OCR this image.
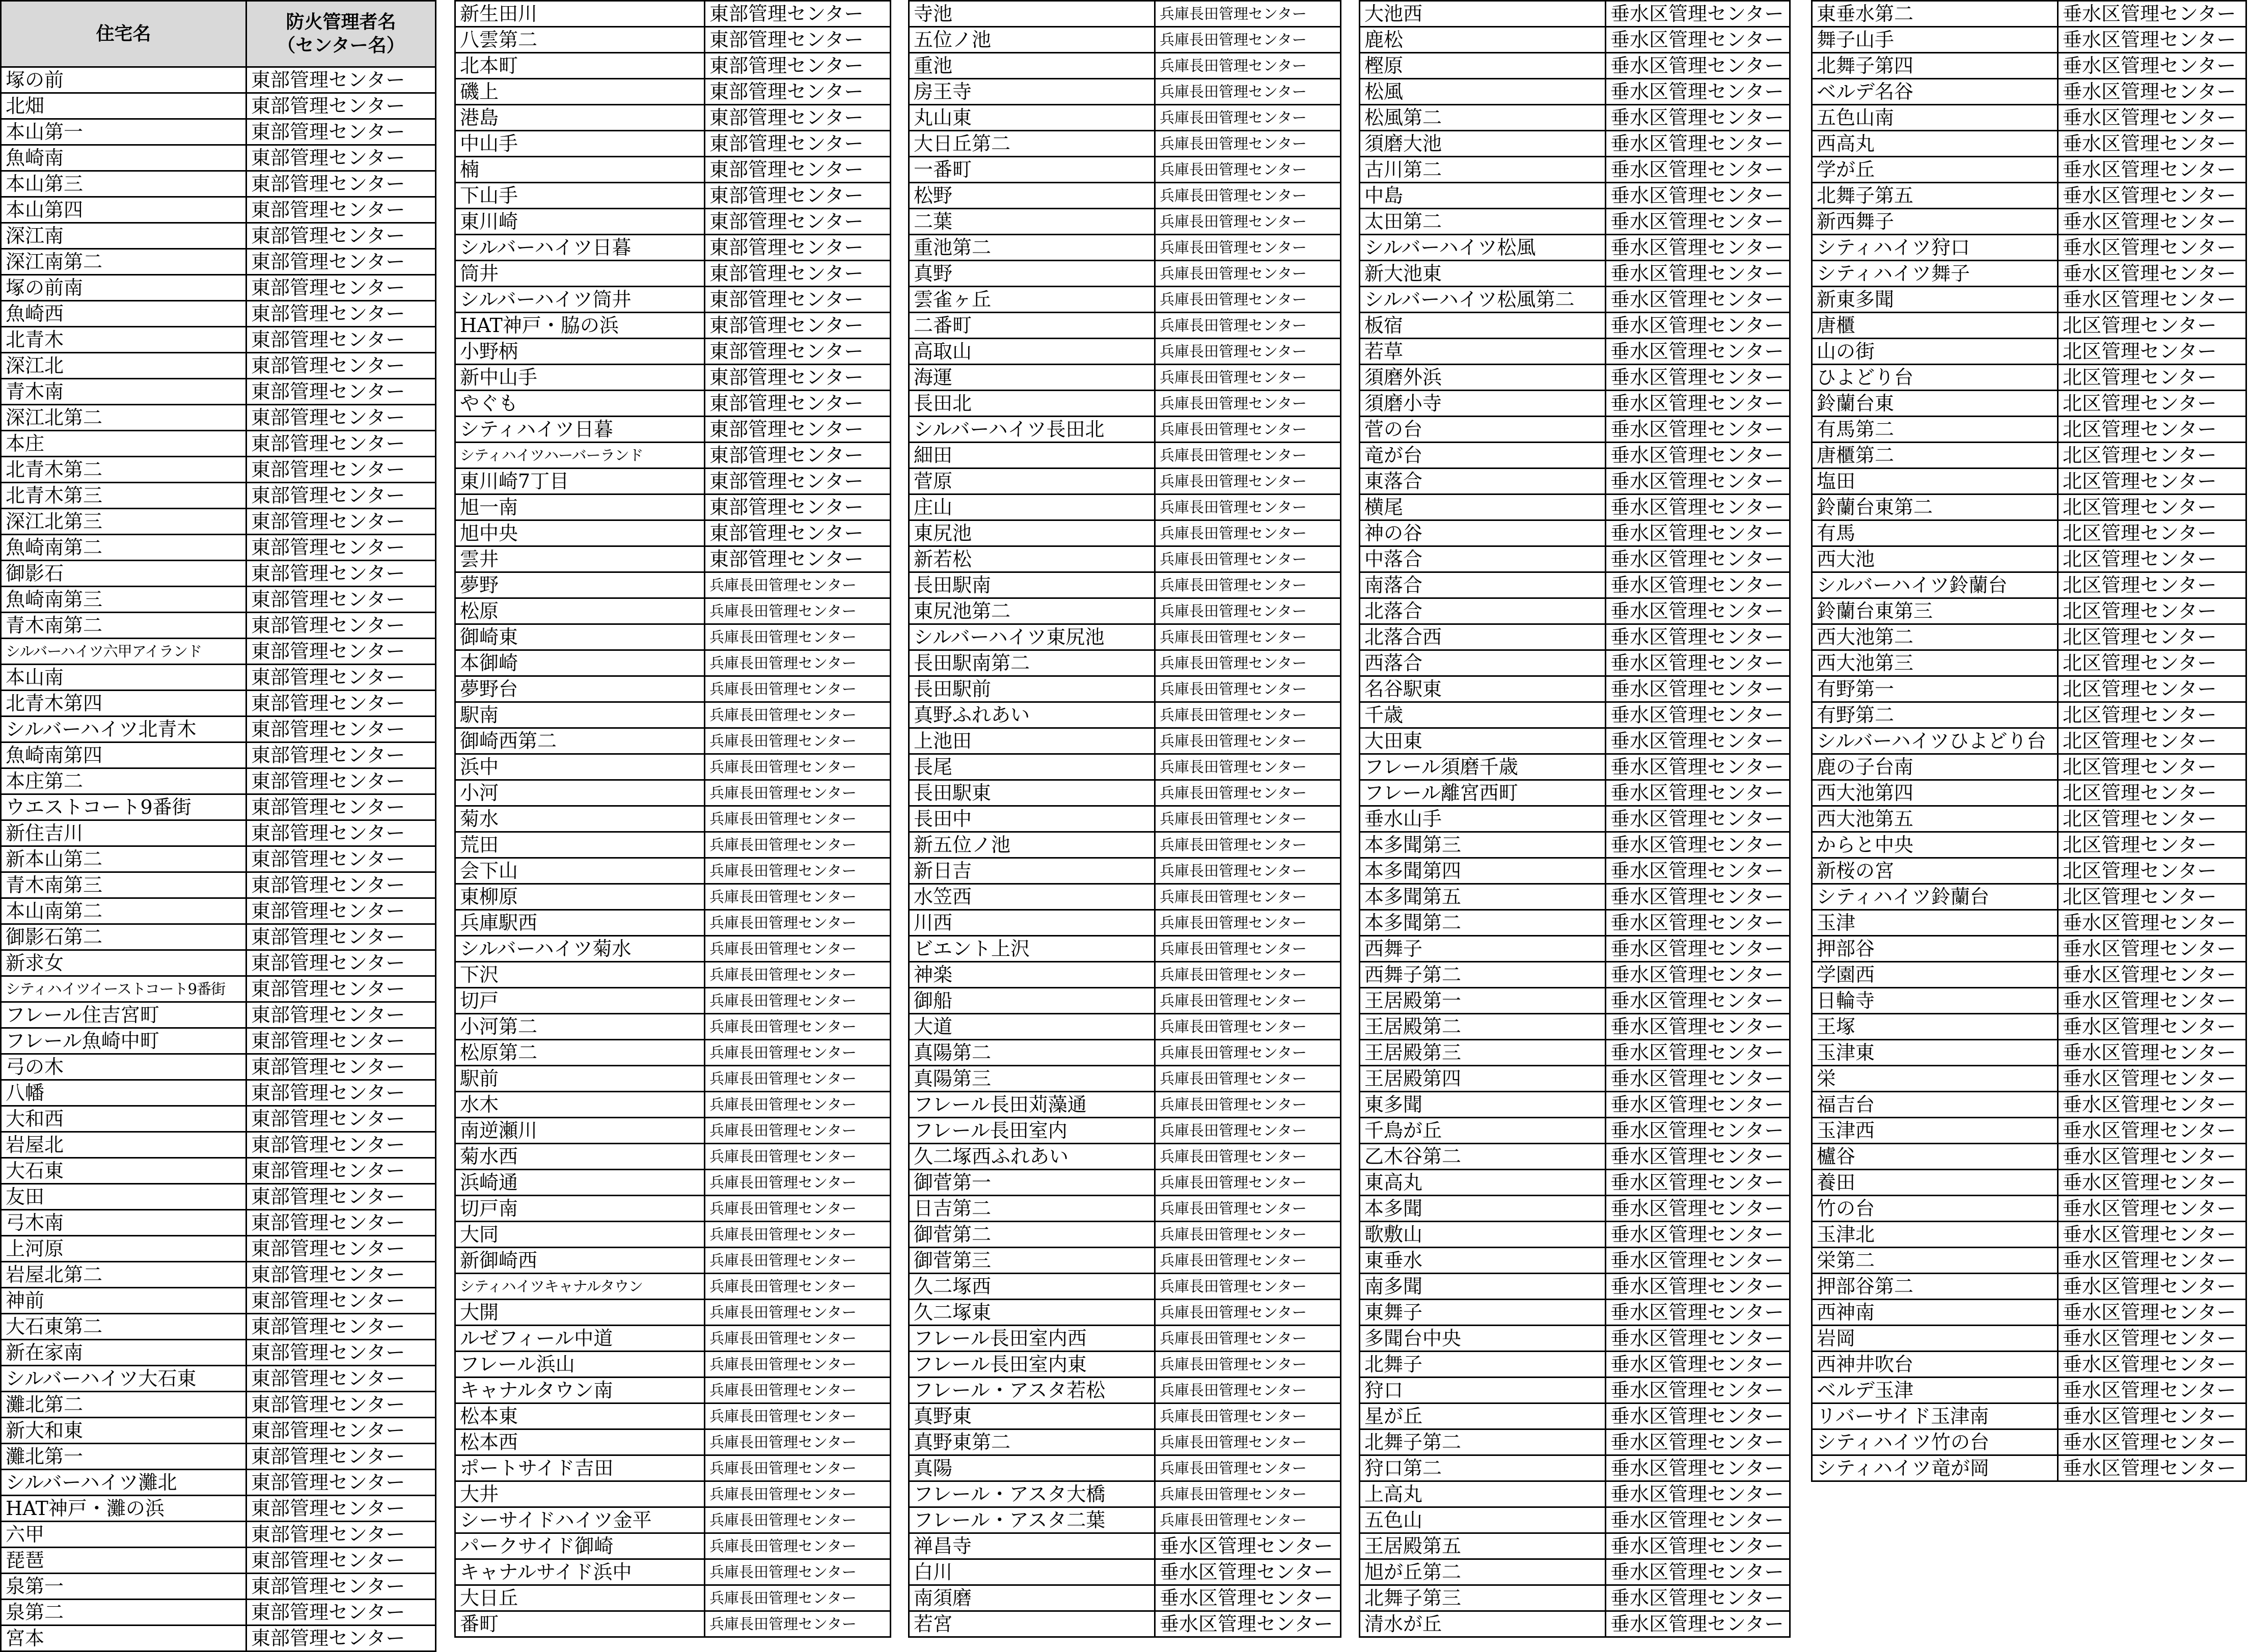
住宅名	防火管理者名
（センター名）
塚の前	東部管理センター
北畑	東部管理センター
本山第一	東部管理センター
魚崎南	東部管理センター
本山第三	東部管理センター
本山第四	東部管理センター
深江南	東部管理センター
深江南第二	東部管理センター
塚の前南	東部管理センター
魚崎西	東部管理センター
北青木	東部管理センター
深江北	東部管理センター
青木南	東部管理センター
深江北第二	東部管理センター
本庄	東部管理センター
北青木第二	東部管理センター
北青木第三	東部管理センター
深江北第三	東部管理センター
魚崎南第二	東部管理センター
御影石	東部管理センター
魚崎南第三	東部管理センター
青木南第二	東部管理センター
シルバーハイツ六甲アイランド	東部管理センター
本山南	東部管理センター
北青木第四	東部管理センター
シルバーハイツ北青木	東部管理センター
魚崎南第四	東部管理センター
本庄第二	東部管理センター
ウエストコート9番街	東部管理センター
新住吉川	東部管理センター
新本山第二	東部管理センター
青木南第三	東部管理センター
本山南第二	東部管理センター
御影石第二	東部管理センター
新求女	東部管理センター
シティハイツイーストコート9番街	東部管理センター
フレール住吉宮町	東部管理センター
フレール魚崎中町	東部管理センター
弓の木	東部管理センター
八幡	東部管理センター
大和西	東部管理センター
岩屋北	東部管理センター
大石東	東部管理センター
友田	東部管理センター
弓木南	東部管理センター
上河原	東部管理センター
岩屋北第二	東部管理センター
神前	東部管理センター
大石東第二	東部管理センター
新在家南	東部管理センター
シルバーハイツ大石東	東部管理センター
灘北第二	東部管理センター
新大和東	東部管理センター
灘北第一	東部管理センター
シルバーハイツ灘北	東部管理センター
HAT神戸・灘の浜	東部管理センター
六甲	東部管理センター
琵琶	東部管理センター
泉第一	東部管理センター
泉第二	東部管理センター
宮本	東部管理センター
新生田川	東部管理センター
八雲第二	東部管理センター
北本町	東部管理センター
磯上	東部管理センター
港島	東部管理センター
中山手	東部管理センター
楠	東部管理センター
下山手	東部管理センター
東川崎	東部管理センター
シルバーハイツ日暮	東部管理センター
筒井	東部管理センター
シルバーハイツ筒井	東部管理センター
HAT神戸・脇の浜	東部管理センター
小野柄	東部管理センター
新中山手	東部管理センター
やぐも	東部管理センター
シティハイツ日暮	東部管理センター
シティハイツハーバーランド	東部管理センター
東川崎7丁目	東部管理センター
旭一南	東部管理センター
旭中央	東部管理センター
雲井	東部管理センター
夢野	兵庫長田管理センター
松原	兵庫長田管理センター
御崎東	兵庫長田管理センター
本御崎	兵庫長田管理センター
夢野台	兵庫長田管理センター
駅南	兵庫長田管理センター
御崎西第二	兵庫長田管理センター
浜中	兵庫長田管理センター
小河	兵庫長田管理センター
菊水	兵庫長田管理センター
荒田	兵庫長田管理センター
会下山	兵庫長田管理センター
東柳原	兵庫長田管理センター
兵庫駅西	兵庫長田管理センター
シルバーハイツ菊水	兵庫長田管理センター
下沢	兵庫長田管理センター
切戸	兵庫長田管理センター
小河第二	兵庫長田管理センター
松原第二	兵庫長田管理センター
駅前	兵庫長田管理センター
水木	兵庫長田管理センター
南逆瀬川	兵庫長田管理センター
菊水西	兵庫長田管理センター
浜崎通	兵庫長田管理センター
切戸南	兵庫長田管理センター
大同	兵庫長田管理センター
新御崎西	兵庫長田管理センター
シティハイツキャナルタウン	兵庫長田管理センター
大開	兵庫長田管理センター
ルゼフィール中道	兵庫長田管理センター
フレール浜山	兵庫長田管理センター
キャナルタウン南	兵庫長田管理センター
松本東	兵庫長田管理センター
松本西	兵庫長田管理センター
ポートサイド吉田	兵庫長田管理センター
大井	兵庫長田管理センター
シーサイドハイツ金平	兵庫長田管理センター
パークサイド御崎	兵庫長田管理センター
キャナルサイド浜中	兵庫長田管理センター
大日丘	兵庫長田管理センター
番町	兵庫長田管理センター
寺池	兵庫長田管理センター
五位ノ池	兵庫長田管理センター
重池	兵庫長田管理センター
房王寺	兵庫長田管理センター
丸山東	兵庫長田管理センター
大日丘第二	兵庫長田管理センター
一番町	兵庫長田管理センター
松野	兵庫長田管理センター
二葉	兵庫長田管理センター
重池第二	兵庫長田管理センター
真野	兵庫長田管理センター
雲雀ヶ丘	兵庫長田管理センター
二番町	兵庫長田管理センター
高取山	兵庫長田管理センター
海運	兵庫長田管理センター
長田北	兵庫長田管理センター
シルバーハイツ長田北	兵庫長田管理センター
細田	兵庫長田管理センター
菅原	兵庫長田管理センター
庄山	兵庫長田管理センター
東尻池	兵庫長田管理センター
新若松	兵庫長田管理センター
長田駅南	兵庫長田管理センター
東尻池第二	兵庫長田管理センター
シルバーハイツ東尻池	兵庫長田管理センター
長田駅南第二	兵庫長田管理センター
長田駅前	兵庫長田管理センター
真野ふれあい	兵庫長田管理センター
上池田	兵庫長田管理センター
長尾	兵庫長田管理センター
長田駅東	兵庫長田管理センター
長田中	兵庫長田管理センター
新五位ノ池	兵庫長田管理センター
新日吉	兵庫長田管理センター
水笠西	兵庫長田管理センター
川西	兵庫長田管理センター
ビエント上沢	兵庫長田管理センター
神楽	兵庫長田管理センター
御船	兵庫長田管理センター
大道	兵庫長田管理センター
真陽第二	兵庫長田管理センター
真陽第三	兵庫長田管理センター
フレール長田苅藻通	兵庫長田管理センター
フレール長田室内	兵庫長田管理センター
久二塚西ふれあい	兵庫長田管理センター
御菅第一	兵庫長田管理センター
日吉第二	兵庫長田管理センター
御菅第二	兵庫長田管理センター
御菅第三	兵庫長田管理センター
久二塚西	兵庫長田管理センター
久二塚東	兵庫長田管理センター
フレール長田室内西	兵庫長田管理センター
フレール長田室内東	兵庫長田管理センター
フレール・アスタ若松	兵庫長田管理センター
真野東	兵庫長田管理センター
真野東第二	兵庫長田管理センター
真陽	兵庫長田管理センター
フレール・アスタ大橋	兵庫長田管理センター
フレール・アスタ二葉	兵庫長田管理センター
禅昌寺	垂水区管理センター
白川	垂水区管理センター
南須磨	垂水区管理センター
若宮	垂水区管理センター
大池西	垂水区管理センター
鹿松	垂水区管理センター
樫原	垂水区管理センター
松風	垂水区管理センター
松風第二	垂水区管理センター
須磨大池	垂水区管理センター
古川第二	垂水区管理センター
中島	垂水区管理センター
太田第二	垂水区管理センター
シルバーハイツ松風	垂水区管理センター
新大池東	垂水区管理センター
シルバーハイツ松風第二	垂水区管理センター
板宿	垂水区管理センター
若草	垂水区管理センター
須磨外浜	垂水区管理センター
須磨小寺	垂水区管理センター
菅の台	垂水区管理センター
竜が台	垂水区管理センター
東落合	垂水区管理センター
横尾	垂水区管理センター
神の谷	垂水区管理センター
中落合	垂水区管理センター
南落合	垂水区管理センター
北落合	垂水区管理センター
北落合西	垂水区管理センター
西落合	垂水区管理センター
名谷駅東	垂水区管理センター
千歳	垂水区管理センター
大田東	垂水区管理センター
フレール須磨千歳	垂水区管理センター
フレール離宮西町	垂水区管理センター
垂水山手	垂水区管理センター
本多聞第三	垂水区管理センター
本多聞第四	垂水区管理センター
本多聞第五	垂水区管理センター
本多聞第二	垂水区管理センター
西舞子	垂水区管理センター
西舞子第二	垂水区管理センター
王居殿第一	垂水区管理センター
王居殿第二	垂水区管理センター
王居殿第三	垂水区管理センター
王居殿第四	垂水区管理センター
東多聞	垂水区管理センター
千鳥が丘	垂水区管理センター
乙木谷第二	垂水区管理センター
東高丸	垂水区管理センター
本多聞	垂水区管理センター
歌敷山	垂水区管理センター
東垂水	垂水区管理センター
南多聞	垂水区管理センター
東舞子	垂水区管理センター
多聞台中央	垂水区管理センター
北舞子	垂水区管理センター
狩口	垂水区管理センター
星が丘	垂水区管理センター
北舞子第二	垂水区管理センター
狩口第二	垂水区管理センター
上高丸	垂水区管理センター
五色山	垂水区管理センター
王居殿第五	垂水区管理センター
旭が丘第二	垂水区管理センター
北舞子第三	垂水区管理センター
清水が丘	垂水区管理センター
東垂水第二	垂水区管理センター
舞子山手	垂水区管理センター
北舞子第四	垂水区管理センター
ベルデ名谷	垂水区管理センター
五色山南	垂水区管理センター
西高丸	垂水区管理センター
学が丘	垂水区管理センター
北舞子第五	垂水区管理センター
新西舞子	垂水区管理センター
シティハイツ狩口	垂水区管理センター
シティハイツ舞子	垂水区管理センター
新東多聞	垂水区管理センター
唐櫃	北区管理センター
山の街	北区管理センター
ひよどり台	北区管理センター
鈴蘭台東	北区管理センター
有馬第二	北区管理センター
唐櫃第二	北区管理センター
塩田	北区管理センター
鈴蘭台東第二	北区管理センター
有馬	北区管理センター
西大池	北区管理センター
シルバーハイツ鈴蘭台	北区管理センター
鈴蘭台東第三	北区管理センター
西大池第二	北区管理センター
西大池第三	北区管理センター
有野第一	北区管理センター
有野第二	北区管理センター
シルバーハイツひよどり台	北区管理センター
鹿の子台南	北区管理センター
西大池第四	北区管理センター
西大池第五	北区管理センター
からと中央	北区管理センター
新桜の宮	北区管理センター
シティハイツ鈴蘭台	北区管理センター
玉津	垂水区管理センター
押部谷	垂水区管理センター
学園西	垂水区管理センター
日輪寺	垂水区管理センター
王塚	垂水区管理センター
玉津東	垂水区管理センター
栄	垂水区管理センター
福吉台	垂水区管理センター
玉津西	垂水区管理センター
櫨谷	垂水区管理センター
養田	垂水区管理センター
竹の台	垂水区管理センター
玉津北	垂水区管理センター
栄第二	垂水区管理センター
押部谷第二	垂水区管理センター
西神南	垂水区管理センター
岩岡	垂水区管理センター
西神井吹台	垂水区管理センター
ベルデ玉津	垂水区管理センター
リバーサイド玉津南	垂水区管理センター
シティハイツ竹の台	垂水区管理センター
シティハイツ竜が岡	垂水区管理センター
